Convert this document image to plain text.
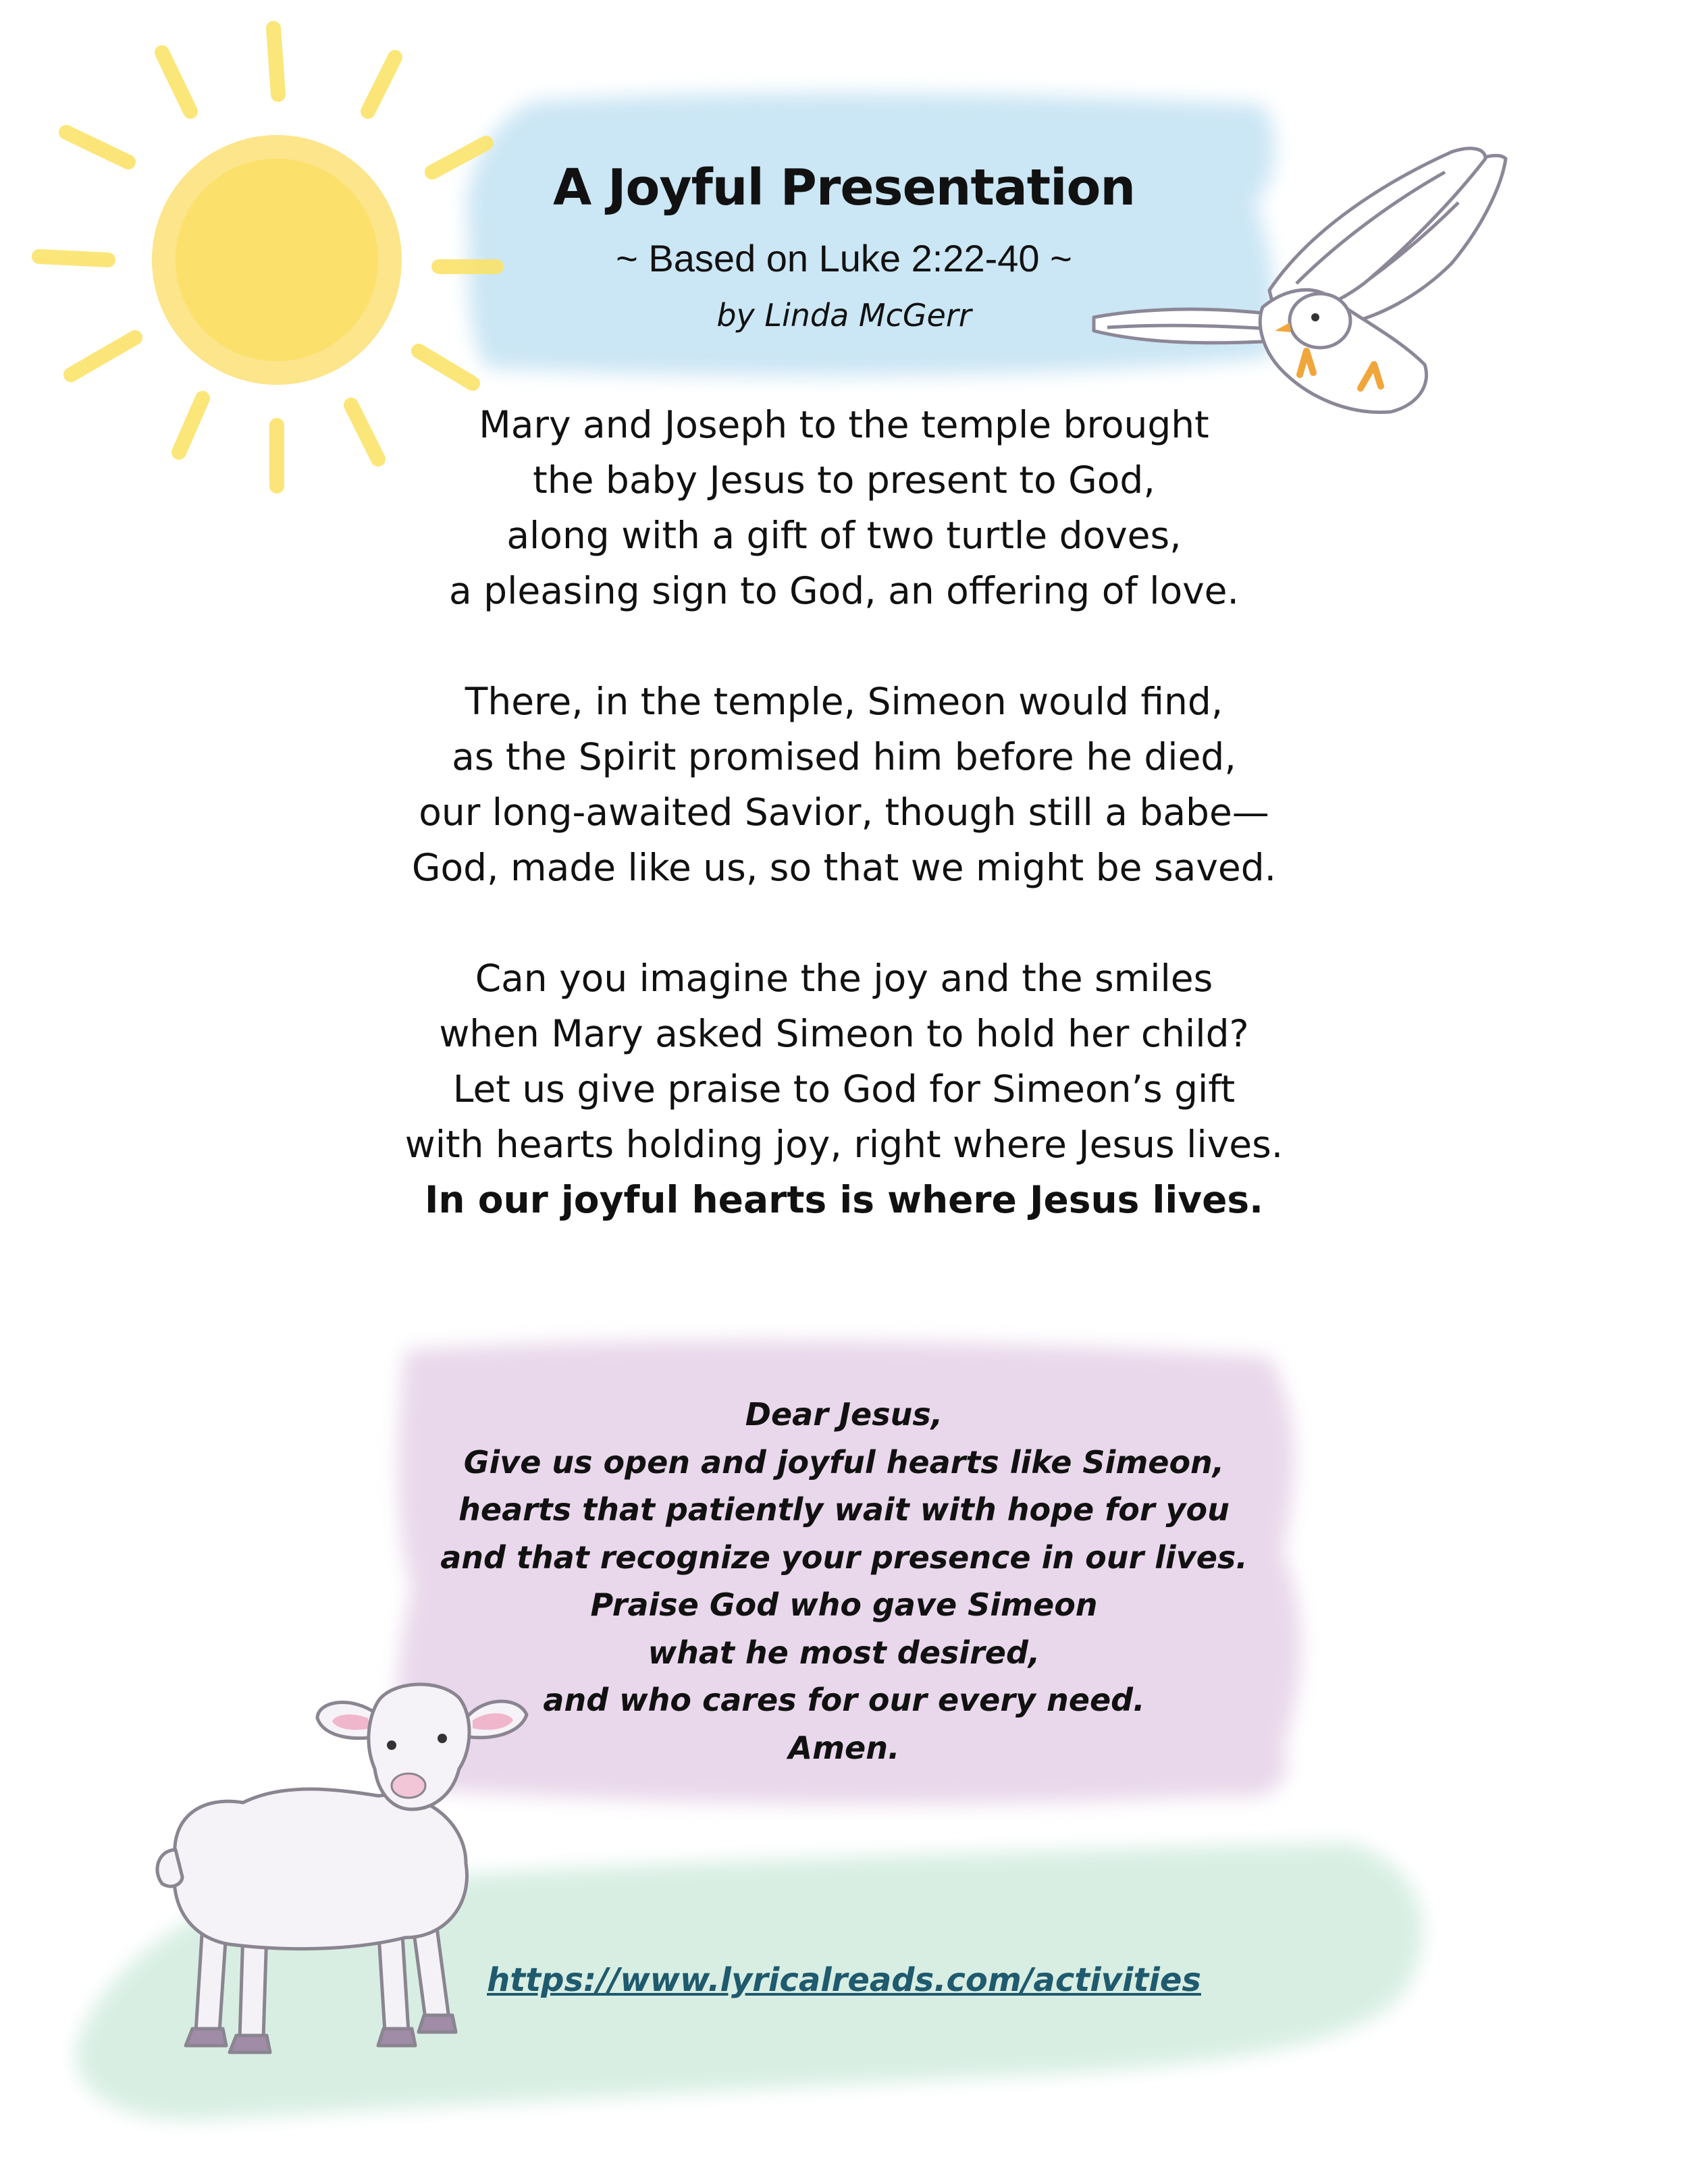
A Joyful Presentation
~ Based on Luke 2:22-40 ~
by Linda McGerr
Mary and Joseph to the temple brought
the baby Jesus to present to God,
along with a gift of two turtle doves,
a pleasing sign to God, an offering of love.
There, in the temple, Simeon would find,
as the Spirit promised him before he died,
our long-awaited Savior, though still a babe—
God, made like us, so that we might be saved.
Can you imagine the joy and the smiles
when Mary asked Simeon to hold her child?
Let us give praise to God for Simeon’s gift
with hearts holding joy, right where Jesus lives.
In our joyful hearts is where Jesus lives.
Dear Jesus,
Give us open and joyful hearts like Simeon,
hearts that patiently wait with hope for you
and that recognize your presence in our lives.
Praise God who gave Simeon
what he most desired,
and who cares for our every need.
Amen.
https://www.lyricalreads.com/activities
